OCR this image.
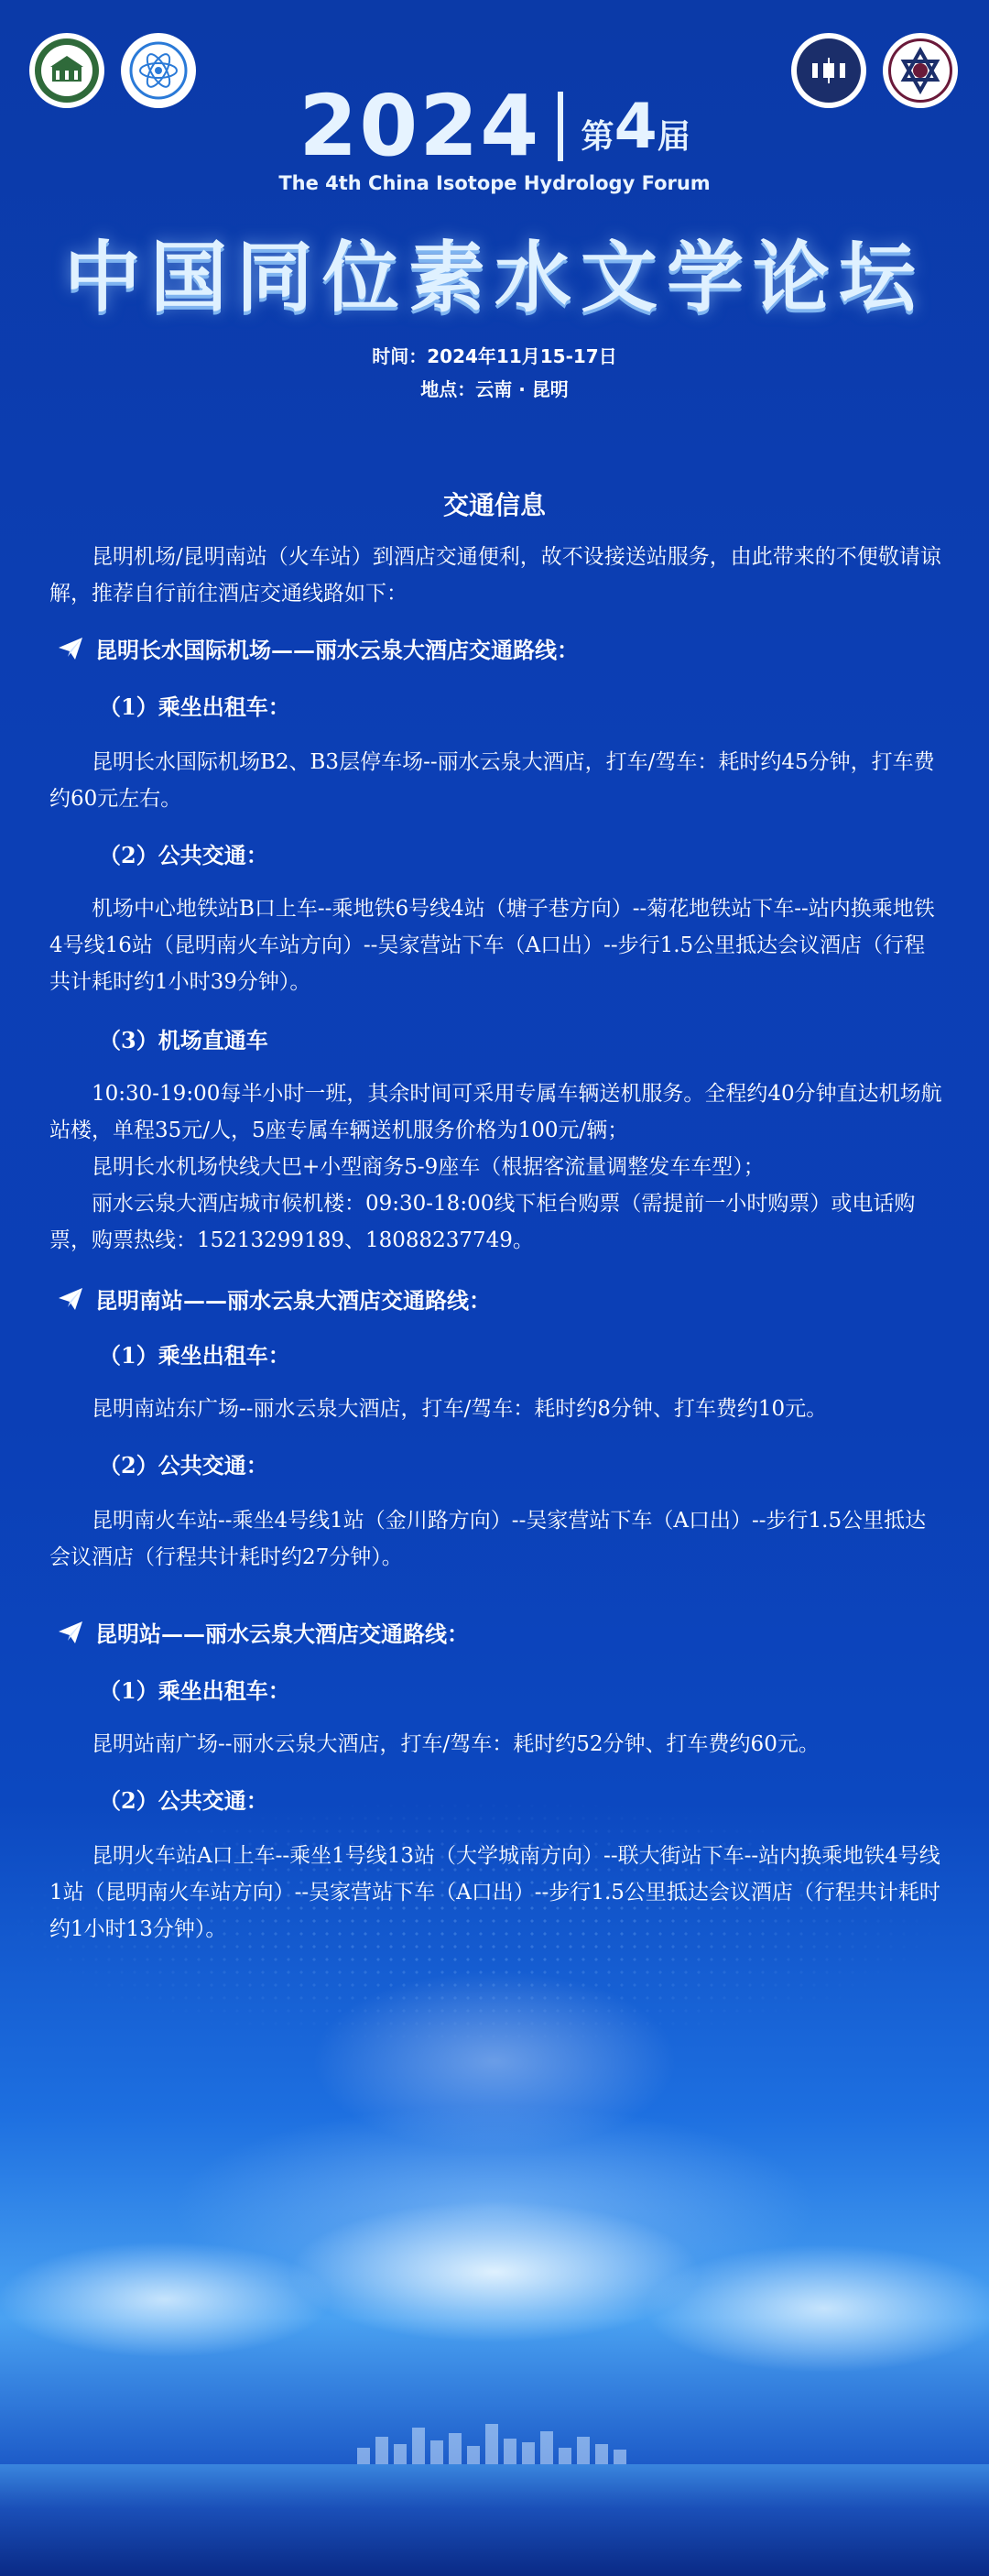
2024 第4届
The 4th China Isotope Hydrology Forum
中国同位素水文学论坛
时间：2024年11月15-17日
地点：云南 · 昆明
交通信息
昆明机场/昆明南站（火车站）到酒店交通便利，故不设接送站服务，由此带来的不便敬请谅解，推荐自行前往酒店交通线路如下：
昆明长水国际机场——丽水云泉大酒店交通路线：
（1）乘坐出租车：
昆明长水国际机场B2、B3层停车场--丽水云泉大酒店，打车/驾车：耗时约45分钟，打车费约60元左右。
（2）公共交通：
机场中心地铁站B口上车--乘地铁6号线4站（塘子巷方向）--菊花地铁站下车--站内换乘地铁4号线16站（昆明南火车站方向）--吴家营站下车（A口出）--步行1.5公里抵达会议酒店（行程共计耗时约1小时39分钟）。
（3）机场直通车
10:30-19:00每半小时一班，其余时间可采用专属车辆送机服务。全程约40分钟直达机场航站楼，单程35元/人，5座专属车辆送机服务价格为100元/辆；
昆明长水机场快线大巴+小型商务5-9座车（根据客流量调整发车车型）；
丽水云泉大酒店城市候机楼：09:30-18:00线下柜台购票（需提前一小时购票）或电话购票，购票热线：15213299189、18088237749。
昆明南站——丽水云泉大酒店交通路线：
（1）乘坐出租车：
昆明南站东广场--丽水云泉大酒店，打车/驾车：耗时约8分钟、打车费约10元。
（2）公共交通：
昆明南火车站--乘坐4号线1站（金川路方向）--吴家营站下车（A口出）--步行1.5公里抵达会议酒店（行程共计耗时约27分钟）。
昆明站——丽水云泉大酒店交通路线：
（1）乘坐出租车：
昆明站南广场--丽水云泉大酒店，打车/驾车：耗时约52分钟、打车费约60元。
（2）公共交通：
昆明火车站A口上车--乘坐1号线13站（大学城南方向）--联大街站下车--站内换乘地铁4号线1站（昆明南火车站方向）--吴家营站下车（A口出）--步行1.5公里抵达会议酒店（行程共计耗时约1小时13分钟）。
